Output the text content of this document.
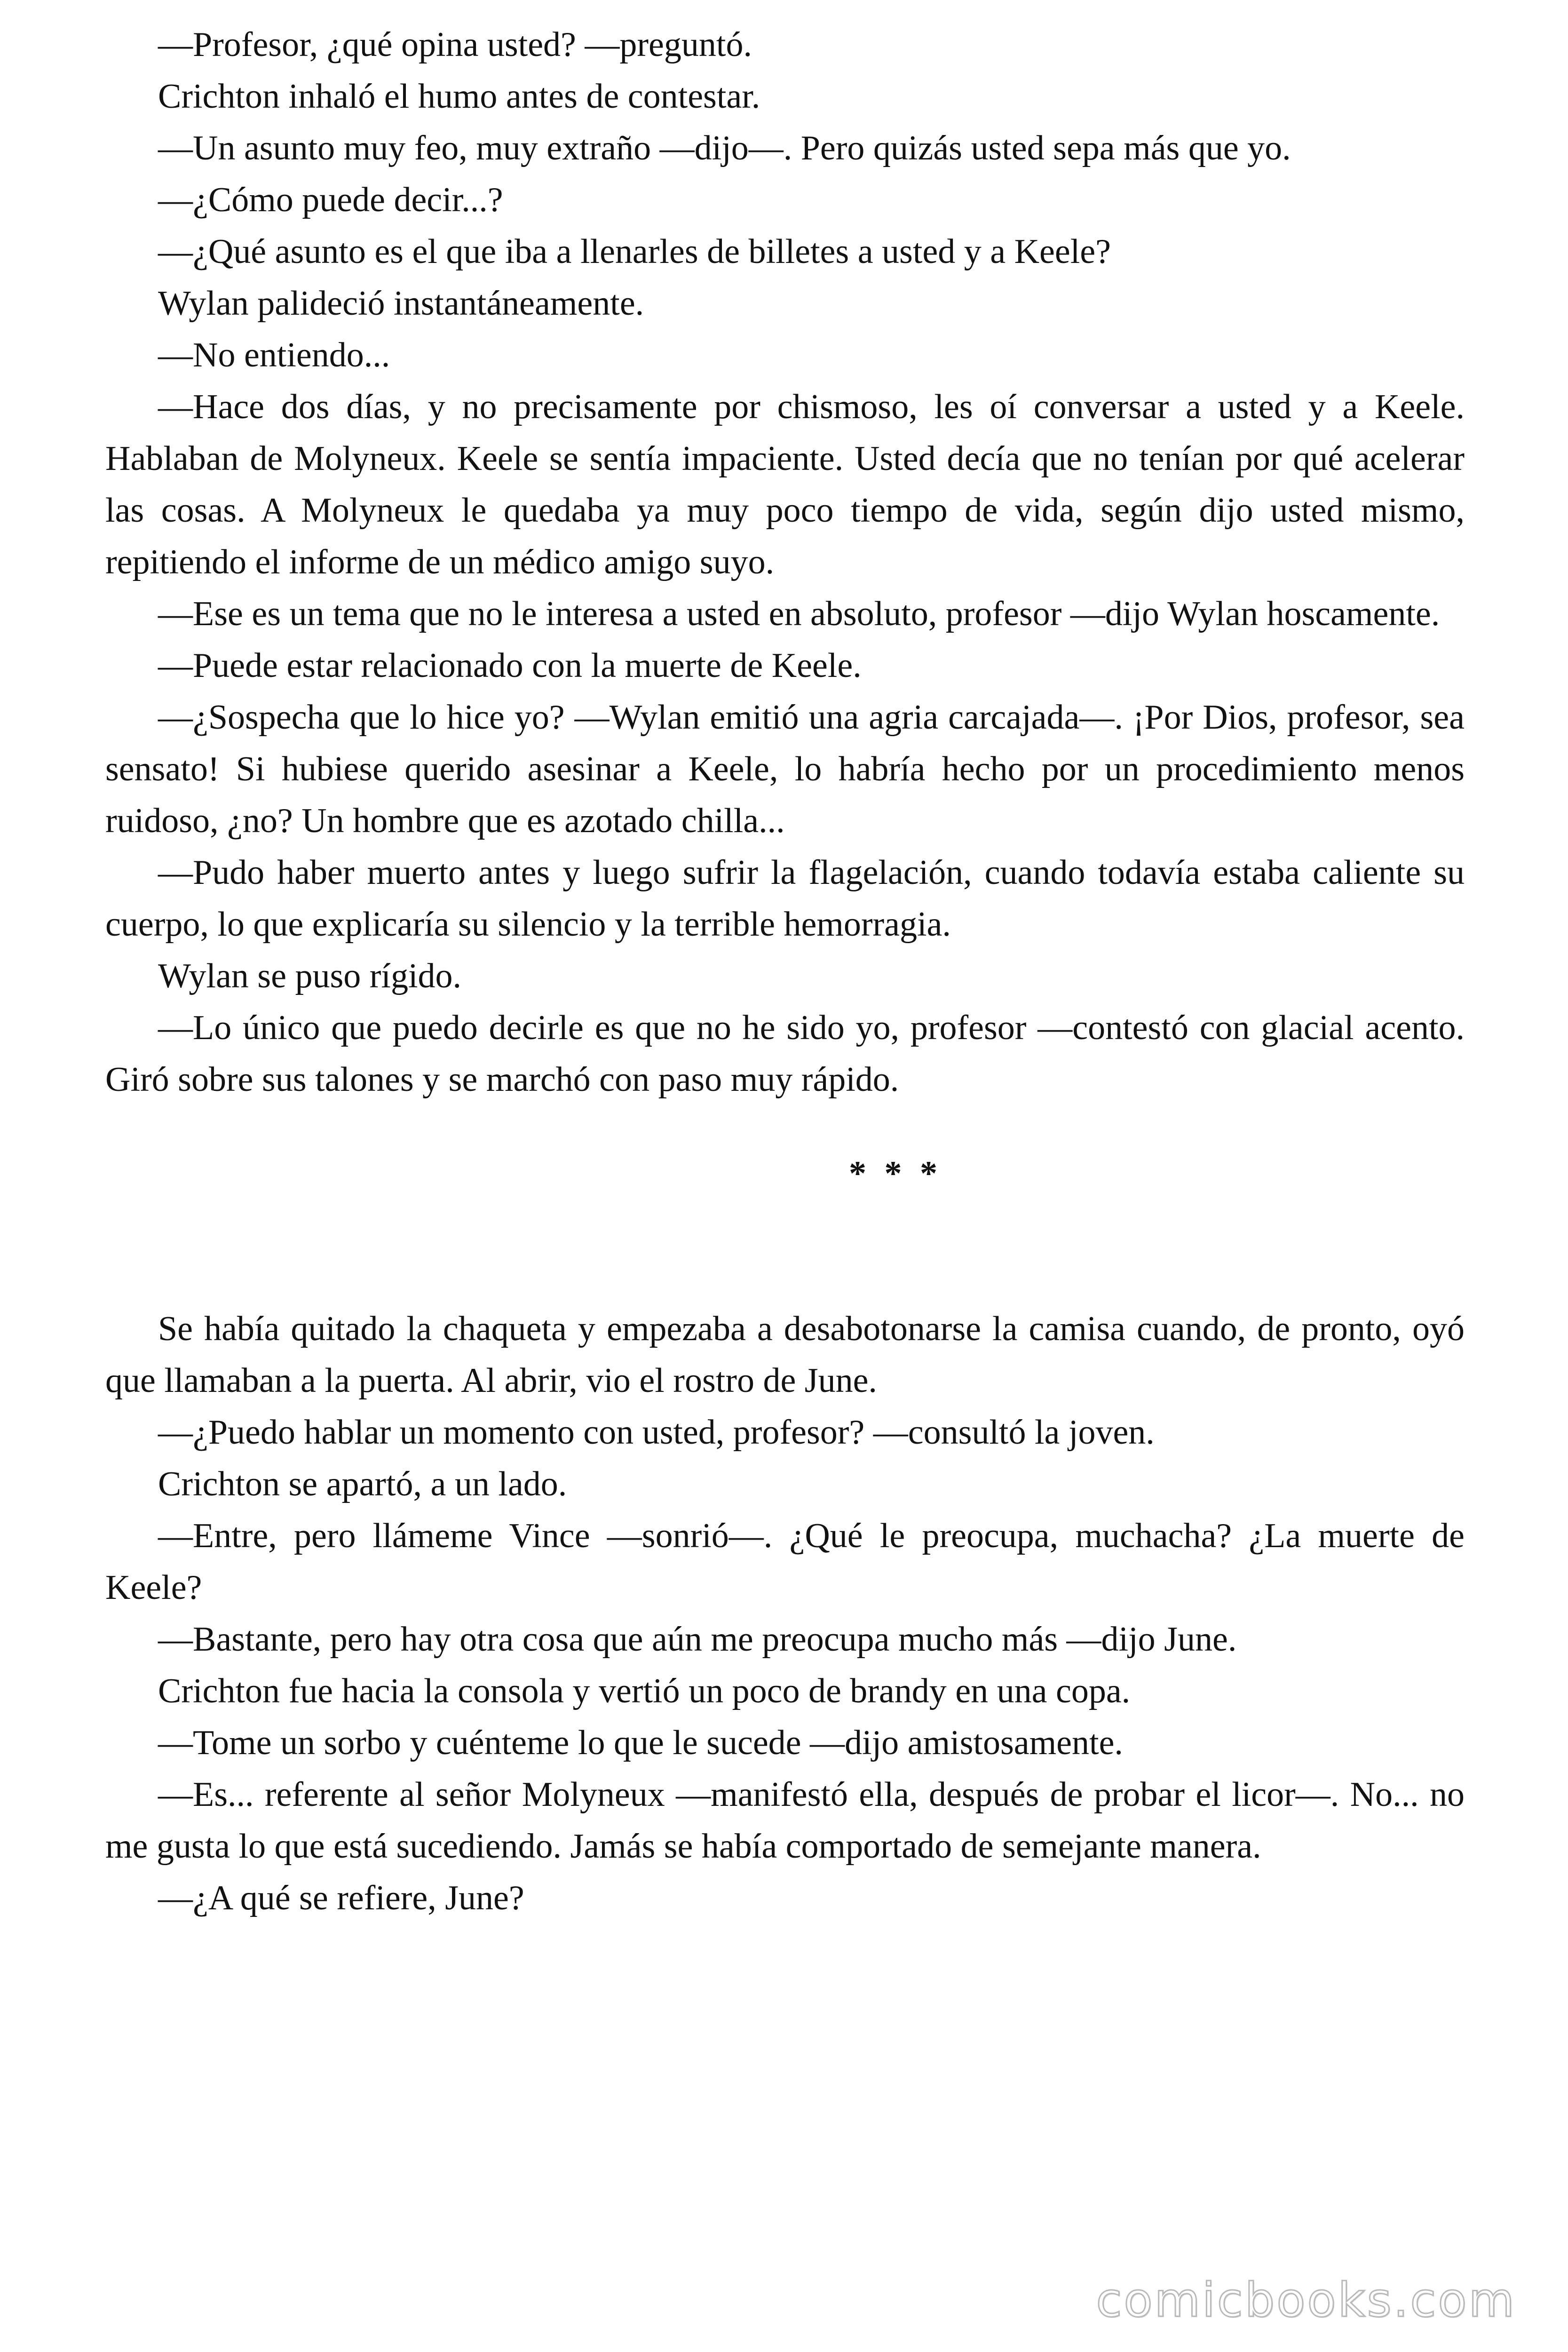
—Profesor, ¿qué opina usted? —preguntó.

Crichton inhaló el humo antes de contestar.

—Un asunto muy feo, muy extraño —dijo—. Pero quizás usted sepa más que yo.

—¿Cómo puede decir...?

—¿Qué asunto es el que iba a llenarles de billetes a usted y a Keele?

Wylan palideció instantáneamente.

—No entiendo...

—Hace dos días, y no precisamente por chismoso, les oí conversar a usted y a Keele. Hablaban de Molyneux. Keele se sentía impaciente. Usted decía que no tenían por qué acelerar las cosas. A Molyneux le quedaba ya muy poco tiempo de vida, según dijo usted mismo, repitiendo el informe de un médico amigo suyo.

—Ese es un tema que no le interesa a usted en absoluto, profesor —dijo Wylan hoscamente.

—Puede estar relacionado con la muerte de Keele.

—¿Sospecha que lo hice yo? —Wylan emitió una agria carcajada—. ¡Por Dios, profesor, sea sensato! Si hubiese querido asesinar a Keele, lo habría hecho por un procedimiento menos ruidoso, ¿no? Un hombre que es azotado chilla...

—Pudo haber muerto antes y luego sufrir la flagelación, cuando todavía estaba caliente su cuerpo, lo que explicaría su silencio y la terrible hemorragia.

Wylan se puso rígido.

—Lo único que puedo decirle es que no he sido yo, profesor —contestó con glacial acento. Giró sobre sus talones y se marchó con paso muy rápido.

* * *

Se había quitado la chaqueta y empezaba a desabotonarse la camisa cuando, de pronto, oyó que llamaban a la puerta. Al abrir, vio el rostro de June.

—¿Puedo hablar un momento con usted, profesor? —consultó la joven.

Crichton se apartó, a un lado.

—Entre, pero llámeme Vince —sonrió—. ¿Qué le preocupa, muchacha? ¿La muerte de Keele?

—Bastante, pero hay otra cosa que aún me preocupa mucho más —dijo June.

Crichton fue hacia la consola y vertió un poco de brandy en una copa.

—Tome un sorbo y cuénteme lo que le sucede —dijo amistosamente.

—Es... referente al señor Molyneux —manifestó ella, después de probar el licor—. No... no me gusta lo que está sucediendo. Jamás se había comportado de semejante manera.

—¿A qué se refiere, June?

comicbooks.com
